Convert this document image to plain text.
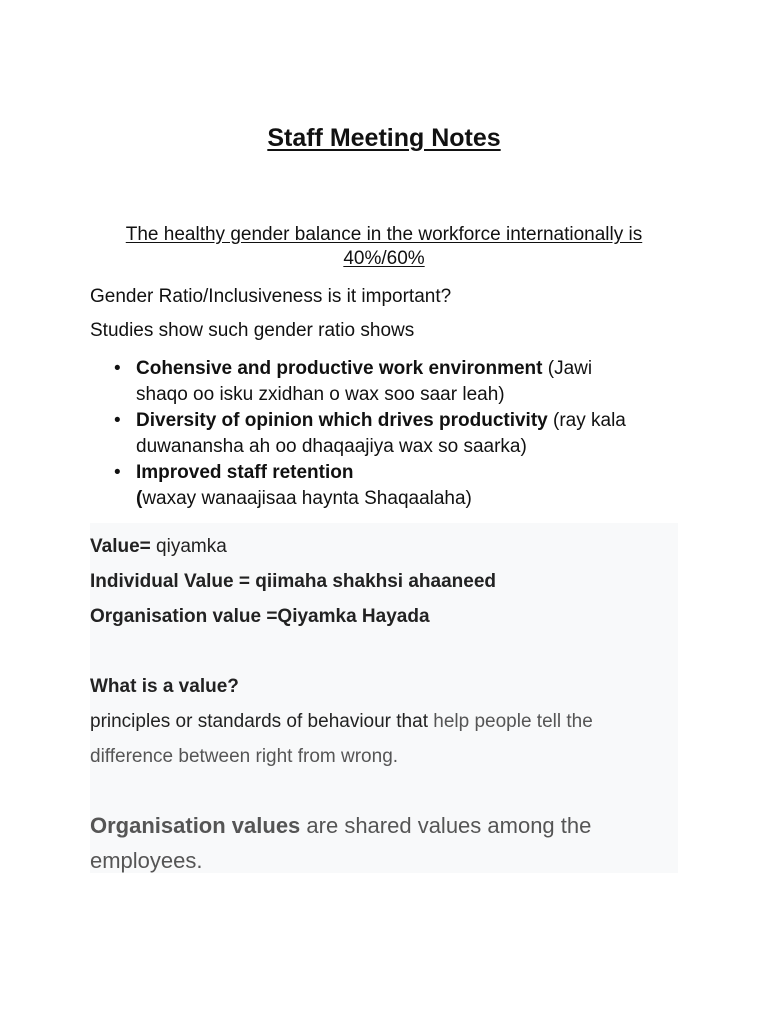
Staff Meeting Notes

The healthy gender balance in the workforce internationally is 40%/60%

Gender Ratio/Inclusiveness is it important?

Studies show such gender ratio shows

• Cohensive and productive work environment (Jawi
shaqo oo isku zxidhan o wax soo saar leah)
• Diversity of opinion which drives productivity (ray kala
duwanansha ah oo dhaqaajiya wax so saarka)
• Improved staff retention
(waxay wanaajisaa haynta Shaqaalaha)

Value= qiyamka

Individual Value = qiimaha shakhsi ahaaneed

Organisation value =Qiyamka Hayada

What is a value?

principles or standards of behaviour that help people tell the

difference between right from wrong.

Organisation values are shared values among the

employees.
